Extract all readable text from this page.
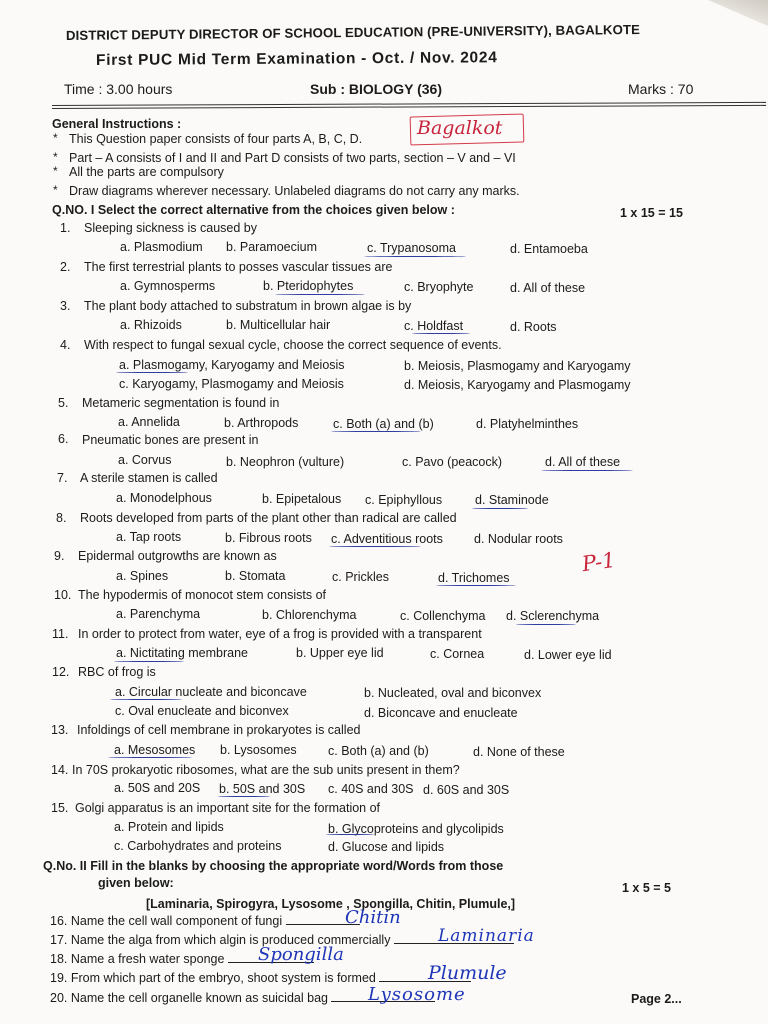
DISTRICT DEPUTY DIRECTOR OF SCHOOL EDUCATION (PRE-UNIVERSITY), BAGALKOTE
First PUC Mid Term Examination - Oct. / Nov. 2024
Time : 3.00 hours	Sub : BIOLOGY (36)	Marks : 70
Bagalkot
General Instructions :
* This Question paper consists of four parts A, B, C, D.
* Part – A consists of I and II and Part D consists of two parts, section – V and – VI
* All the parts are compulsory
* Draw diagrams wherever necessary. Unlabeled diagrams do not carry any marks.
Q.NO. I Select the correct alternative from the choices given below :	1 x 15 = 15
1. Sleeping sickness is caused by
a. Plasmodium b. Paramoecium	c. Trypanosoma	d. Entamoeba
2. The first terrestrial plants to posses vascular tissues are
a. Gymnosperms	b. Pteridophytes	c. Bryophyte	d. All of these
3. The plant body attached to substratum in brown algae is by
a. Rhizoids	b. Multicellular hair	c. Holdfast	d. Roots
4. With respect to fungal sexual cycle, choose the correct sequence of events.
a. Plasmogamy, Karyogamy and Meiosis	b. Meiosis, Plasmogamy and Karyogamy
c. Karyogamy, Plasmogamy and Meiosis	d. Meiosis, Karyogamy and Plasmogamy
5. Metameric segmentation is found in
a. Annelida	b. Arthropods	c. Both (a) and (b)	d. Platyhelminthes
6. Pneumatic bones are present in
a. Corvus	b. Neophron (vulture)	c. Pavo (peacock)	d. All of these
7. A sterile stamen is called
a. Monodelphous	b. Epipetalous c. Epiphyllous	d. Staminode
8. Roots developed from parts of the plant other than radical are called
a. Tap roots	b. Fibrous roots c. Adventitious roots d. Nodular roots
9. Epidermal outgrowths are known as
a. Spines	b. Stomata	c. Prickles	d. Trichomes
P-1
10. The hypodermis of monocot stem consists of
a. Parenchyma	b. Chlorenchyma	c. Collenchyma d. Sclerenchyma
11. In order to protect from water, eye of a frog is provided with a transparent
a. Nictitating membrane	b. Upper eye lid	c. Cornea	d. Lower eye lid
12. RBC of frog is
a. Circular nucleate and biconcave	b. Nucleated, oval and biconvex
c. Oval enucleate and biconvex	d. Biconcave and enucleate
13. Infoldings of cell membrane in prokaryotes is called
a. Mesosomes b. Lysosomes	c. Both (a) and (b)	d. None of these
14. In 70S prokaryotic ribosomes, what are the sub units present in them?
a. 50S and 20S b. 50S and 30S c. 40S and 30S d. 60S and 30S
15. Golgi apparatus is an important site for the formation of
a. Protein and lipids	b. Glycoproteins and glycolipids
c. Carbohydrates and proteins	d. Glucose and lipids
Q.No. II Fill in the blanks by choosing the appropriate word/Words from those
given below:	1 x 5 = 5
[Laminaria, Spirogyra, Lysosome , Spongilla, Chitin, Plumule,]
16. Name the cell wall component of fungi	Chitin
17. Name the alga from which algin is produced commercially	Laminaria
18. Name a fresh water sponge	Spongilla
19. From which part of the embryo, shoot system is formed	Plumule
20. Name the cell organelle known as suicidal bag	Lysosome	Page 2...
